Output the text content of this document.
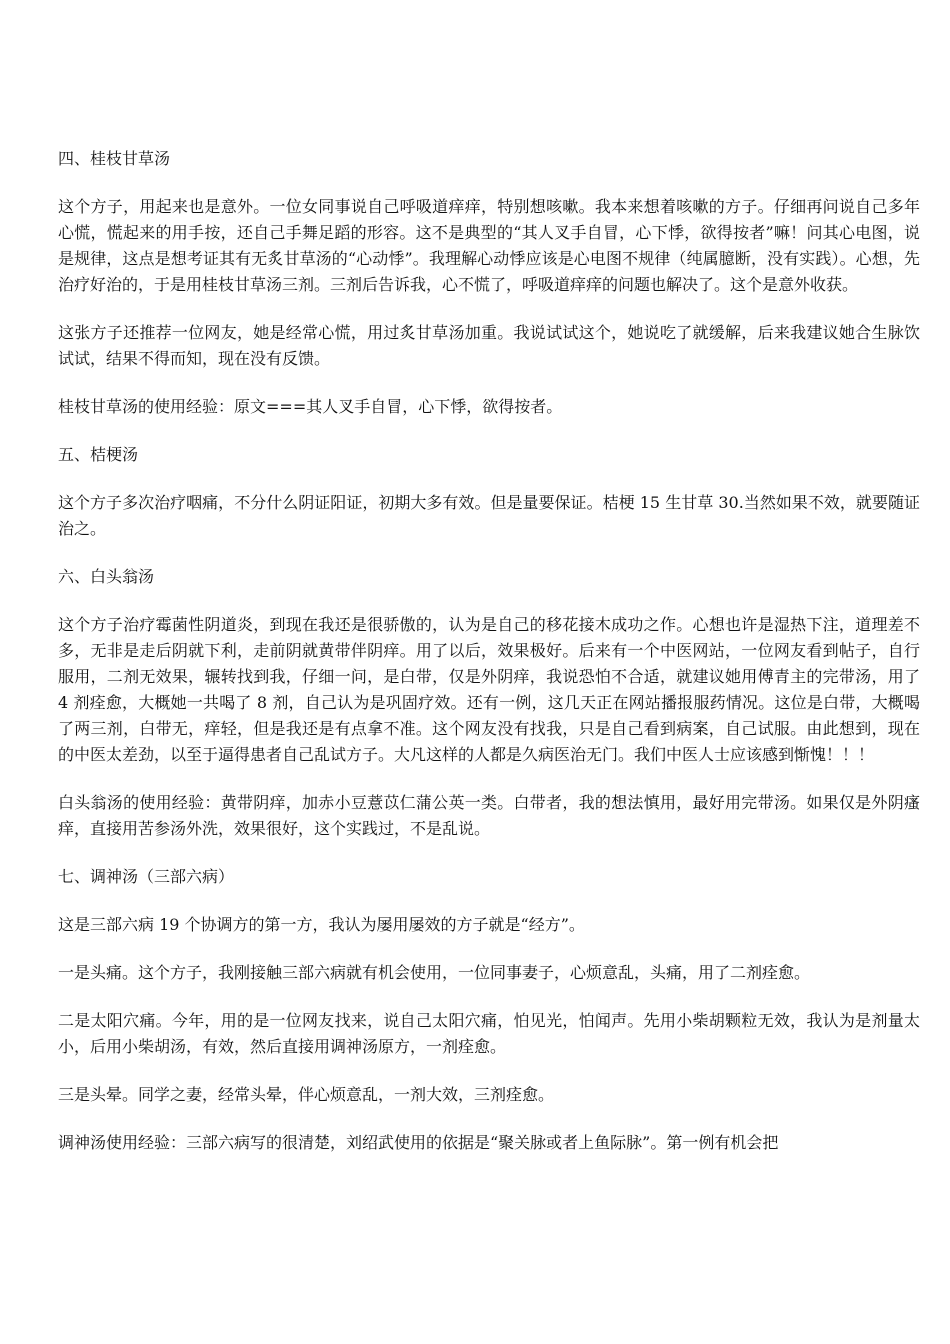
四、桂枝甘草汤

这个方子，用起来也是意外。一位女同事说自己呼吸道痒痒，特别想咳嗽。我本来想着咳嗽的方子。仔细再问说自己多年心慌，慌起来的用手按，还自己手舞足蹈的形容。这不是典型的“其人叉手自冒，心下悸，欲得按者”嘛！问其心电图，说是规律，这点是想考证其有无炙甘草汤的“心动悸”。我理解心动悸应该是心电图不规律（纯属臆断，没有实践）。心想，先治疗好治的，于是用桂枝甘草汤三剂。三剂后告诉我，心不慌了，呼吸道痒痒的问题也解决了。这个是意外收获。

这张方子还推荐一位网友，她是经常心慌，用过炙甘草汤加重。我说试试这个，她说吃了就缓解，后来我建议她合生脉饮试试，结果不得而知，现在没有反馈。

桂枝甘草汤的使用经验：原文===其人叉手自冒，心下悸，欲得按者。

五、桔梗汤

这个方子多次治疗咽痛，不分什么阴证阳证，初期大多有效。但是量要保证。桔梗 15 生甘草 30.当然如果不效，就要随证治之。

六、白头翁汤

这个方子治疗霉菌性阴道炎，到现在我还是很骄傲的，认为是自己的移花接木成功之作。心想也许是湿热下注，道理差不多，无非是走后阴就下利，走前阴就黄带伴阴痒。用了以后，效果极好。后来有一个中医网站，一位网友看到帖子，自行服用，二剂无效果，辗转找到我，仔细一问，是白带，仅是外阴痒，我说恐怕不合适，就建议她用傅青主的完带汤，用了 4 剂痊愈，大概她一共喝了 8 剂，自己认为是巩固疗效。还有一例，这几天正在网站播报服药情况。这位是白带，大概喝了两三剂，白带无，痒轻，但是我还是有点拿不准。这个网友没有找我，只是自己看到病案，自己试服。由此想到，现在的中医太差劲，以至于逼得患者自己乱试方子。大凡这样的人都是久病医治无门。我们中医人士应该感到惭愧！！！

白头翁汤的使用经验：黄带阴痒，加赤小豆薏苡仁蒲公英一类。白带者，我的想法慎用，最好用完带汤。如果仅是外阴瘙痒，直接用苦参汤外洗，效果很好，这个实践过，不是乱说。

七、调神汤（三部六病）

这是三部六病 19 个协调方的第一方，我认为屡用屡效的方子就是“经方”。

一是头痛。这个方子，我刚接触三部六病就有机会使用，一位同事妻子，心烦意乱，头痛，用了二剂痊愈。

二是太阳穴痛。今年，用的是一位网友找来，说自己太阳穴痛，怕见光，怕闻声。先用小柴胡颗粒无效，我认为是剂量太小，后用小柴胡汤，有效，然后直接用调神汤原方，一剂痊愈。

三是头晕。同学之妻，经常头晕，伴心烦意乱，一剂大效，三剂痊愈。

调神汤使用经验：三部六病写的很清楚，刘绍武使用的依据是“聚关脉或者上鱼际脉”。第一例有机会把
